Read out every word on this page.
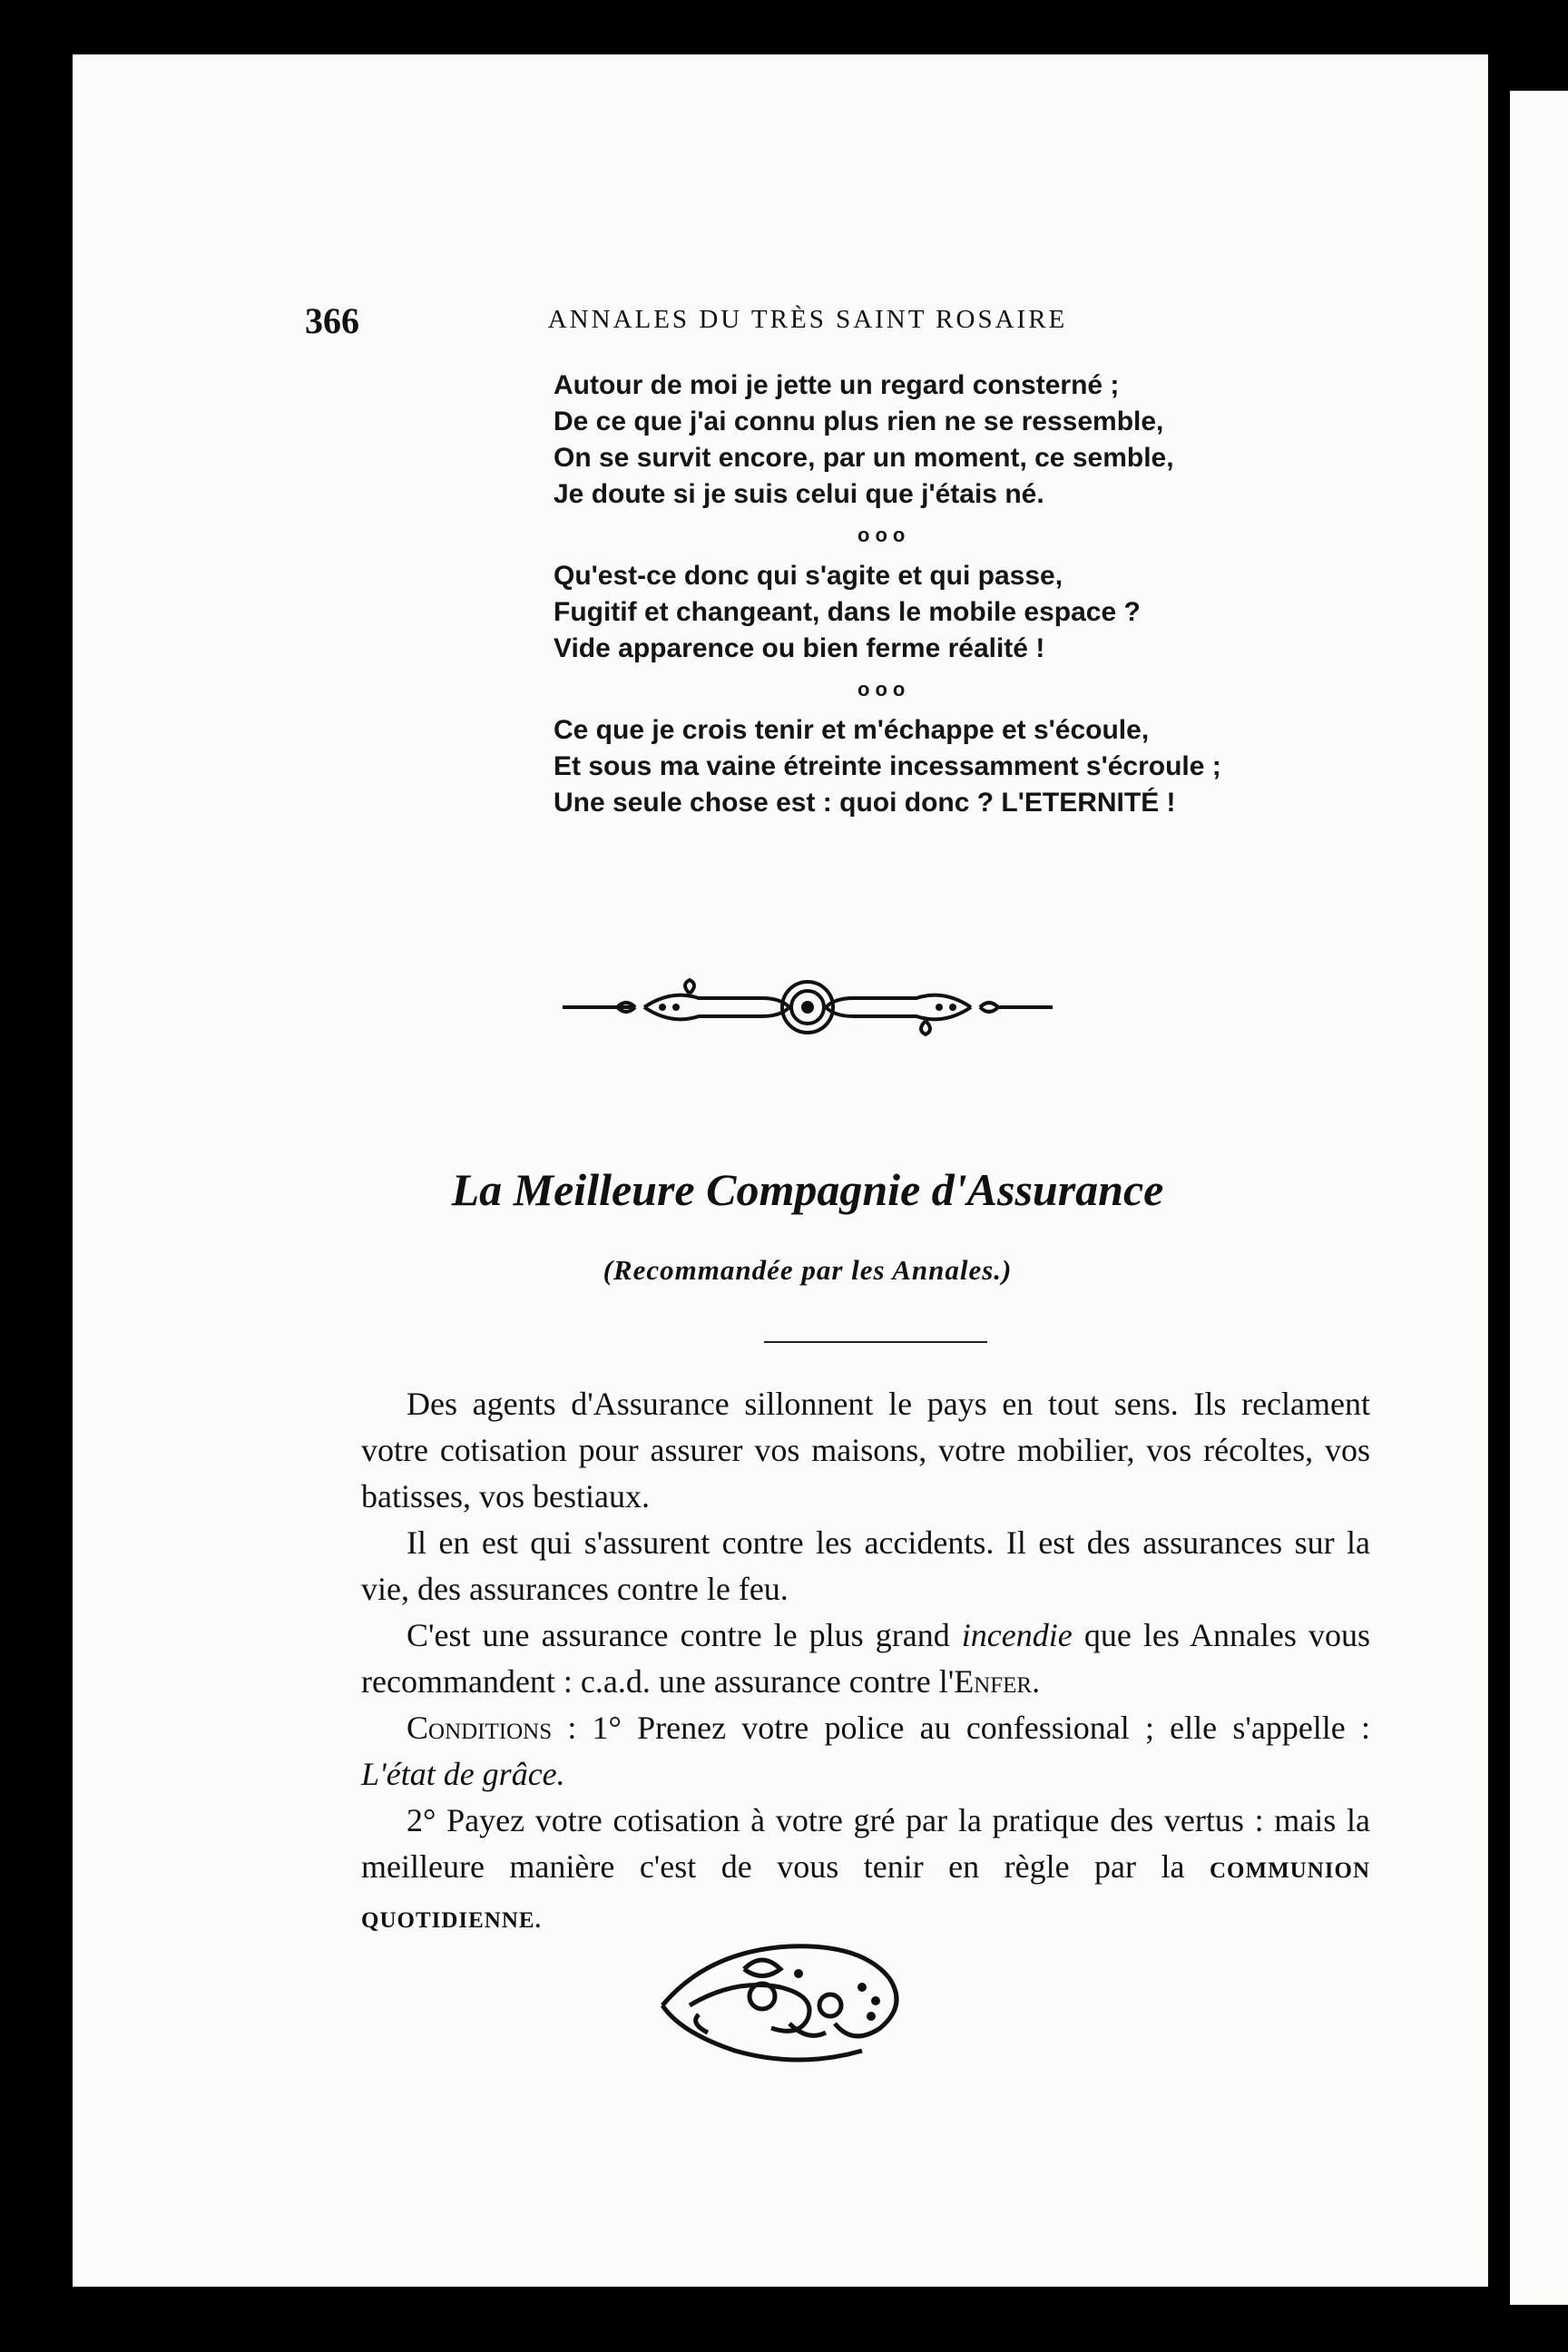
366	ANNALES DU TRÈS SAINT ROSAIRE
Autour de moi je jette un regard consterné ;
De ce que j'ai connu plus rien ne se ressemble,
On se survit encore, par un moment, ce semble,
Je doute si je suis celui que j'étais né.
ooo
Qu'est-ce donc qui s'agite et qui passe,
Fugitif et changeant, dans le mobile espace ?
Vide apparence ou bien ferme réalité !
ooo
Ce que je crois tenir et m'échappe et s'écoule,
Et sous ma vaine étreinte incessamment s'écroule ;
Une seule chose est : quoi donc ? L'ETERNITÉ !
La Meilleure Compagnie d'Assurance
(Recommandée par les Annales.)

Des agents d'Assurance sillonnent le pays en tout sens. Ils reclament votre cotisation pour assurer vos maisons, votre mobilier, vos récoltes, vos batisses, vos bestiaux.

Il en est qui s'assurent contre les accidents. Il est des assurances sur la vie, des assurances contre le feu.

C'est une assurance contre le plus grand incendie que les Annales vous recommandent : c.a.d. une assurance contre l'Enfer.

Conditions : 1° Prenez votre police au confessional ; elle s'appelle : L'état de grâce.

2° Payez votre cotisation à votre gré par la pratique des vertus : mais la meilleure manière c'est de vous tenir en règle par la COMMUNION QUOTIDIENNE.
